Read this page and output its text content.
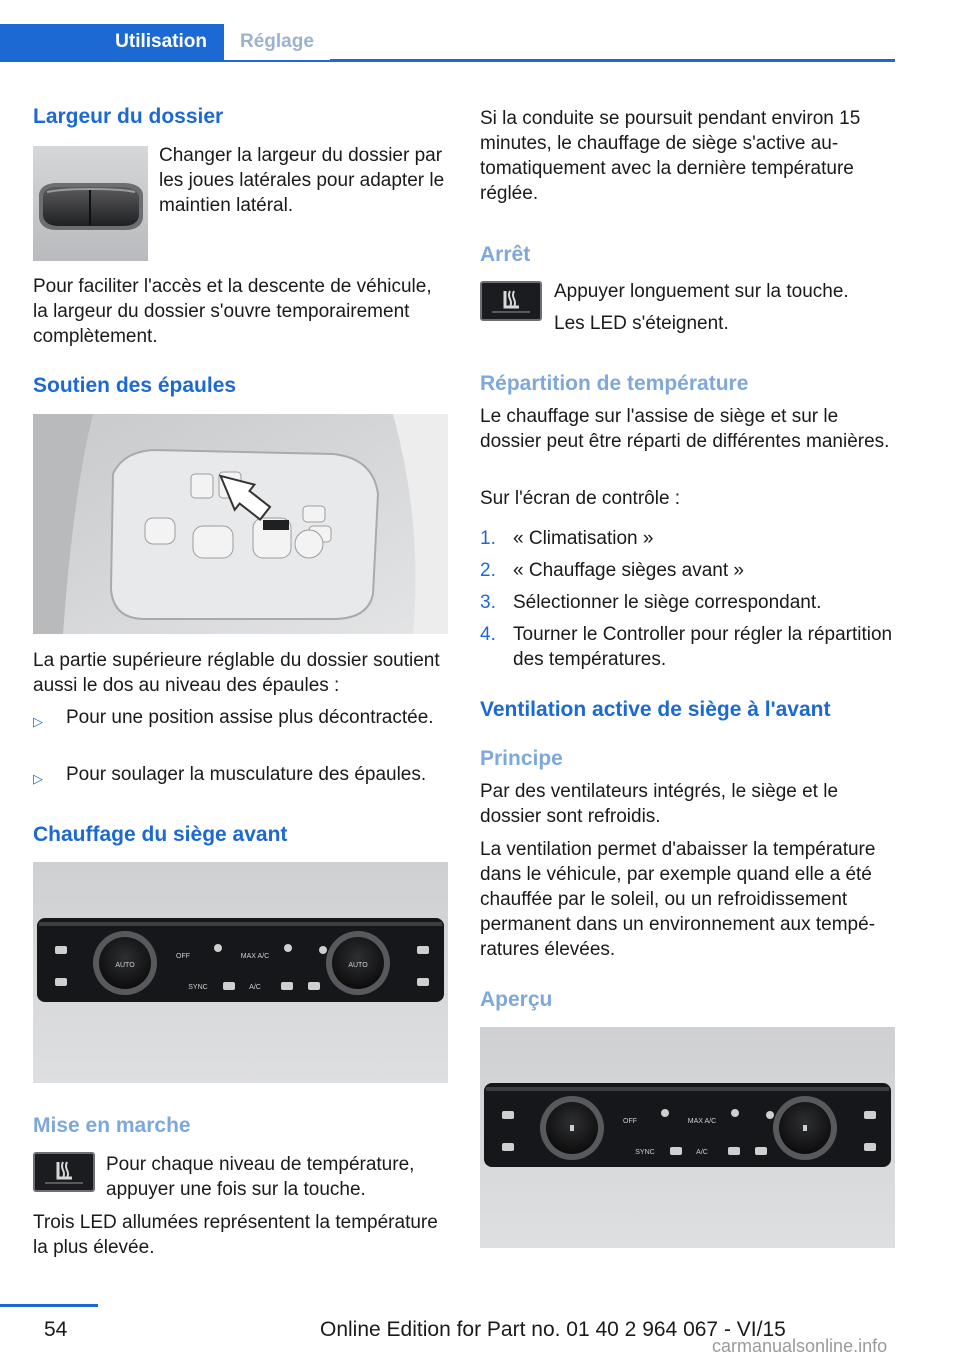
Utilisation	Réglage
Largeur du dossier
Changer la largeur du dossier par les joues latérales pour adapter le maintien latéral.
Pour faciliter l'accès et la descente de véhicule, la largeur du dossier s'ouvre temporairement complètement.
Soutien des épaules
La partie supérieure réglable du dossier soutient aussi le dos au niveau des épaules :
▷ Pour une position assise plus décontractée.
▷ Pour soulager la musculature des épaules.
Chauffage du siège avant
AUTO	AUTO
OFF	MAX A/C
SYNC	A/C
Mise en marche
Pour chaque niveau de température, appuyer une fois sur la touche.
Trois LED allumées représentent la température la plus élevée.
Si la conduite se poursuit pendant environ 15 minutes, le chauffage de siège s'active automatiquement avec la dernière température réglée.
Arrêt
Appuyer longuement sur la touche.
Les LED s'éteignent.
Répartition de température
Le chauffage sur l'assise de siège et sur le dossier peut être réparti de différentes manières.
Sur l'écran de contrôle :
1. « Climatisation »
2. « Chauffage sièges avant »
3. Sélectionner le siège correspondant.
4. Tourner le Controller pour régler la répartition des températures.
Ventilation active de siège à l'avant
Principe
Par des ventilateurs intégrés, le siège et le dossier sont refroidis.
La ventilation permet d'abaisser la température dans le véhicule, par exemple quand elle a été chauffée par le soleil, ou un refroidissement permanent dans un environnement aux températures élevées.
Aperçu
OFF	MAX A/C
SYNC	A/C
54	Online Edition for Part no. 01 40 2 964 067 - VI/15
carmanualsonline.info
